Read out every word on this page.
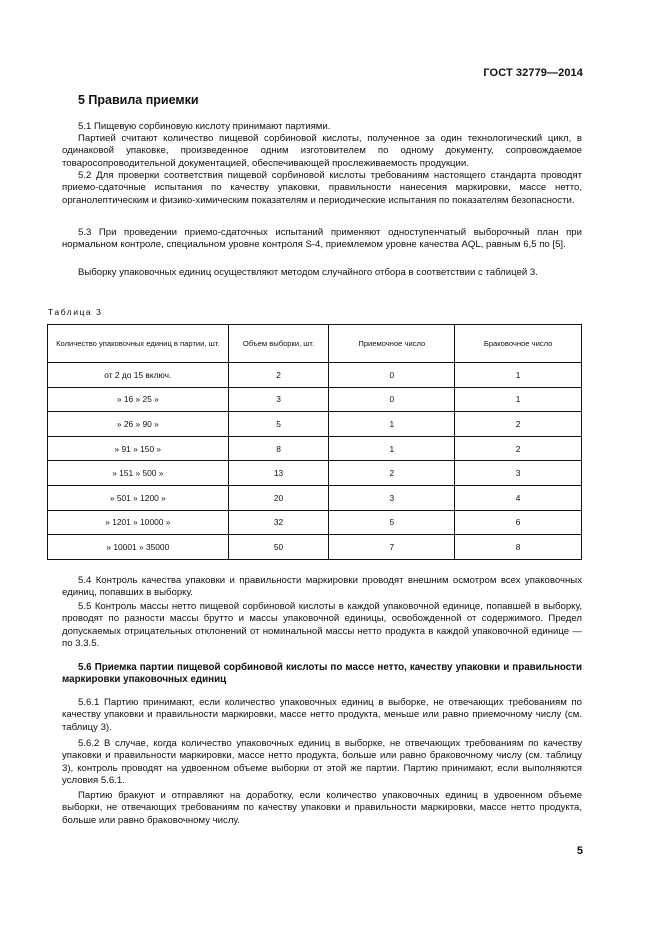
ГОСТ 32779—2014
5 Правила приемки

5.1 Пищевую сорбиновую кислоту принимают партиями.

Партией считают количество пищевой сорбиновой кислоты, полученное за один технологический цикл, в одинаковой упаковке, произведенное одним изготовителем по одному документу, сопровождаемое товаросопроводительной документацией, обеспечивающей прослеживаемость продукции.

5.2 Для проверки соответствия пищевой сорбиновой кислоты требованиям настоящего стандарта проводят приемо-сдаточные испытания по качеству упаковки, правильности нанесения маркировки, массе нетто, органолептическим и физико-химическим показателям и периодические испытания по показателям безопасности.

5.3 При проведении приемо-сдаточных испытаний применяют одноступенчатый выборочный план при нормальном контроле, специальном уровне контроля S-4, приемлемом уровне качества AQL, равным 6,5 по [5].

Выборку упаковочных единиц осуществляют методом случайного отбора в соответствии с таблицей 3.

Таблица 3
Количество упаковочных единиц в партии, шт.	Объем выборки, шт.	Приемочное число	Браковочное число
от 2 до 15 включ.	2	0	1
» 16 » 25 »	3	0	1
» 26 » 90 »	5	1	2
» 91 » 150 »	8	1	2
» 151 » 500 »	13	2	3
» 501 » 1200 »	20	3	4
» 1201 » 10000 »	32	5	6
» 10001 » 35000	50	7	8

5.4 Контроль качества упаковки и правильности маркировки проводят внешним осмотром всех упаковочных единиц, попавших в выборку.

5.5 Контроль массы нетто пищевой сорбиновой кислоты в каждой упаковочной единице, попавшей в выборку, проводят по разности массы брутто и массы упаковочной единицы, освобожденной от содержимого. Предел допускаемых отрицательных отклонений от номинальной массы нетто продукта в каждой упаковочной единице — по 3.3.5.

5.6 Приемка партии пищевой сорбиновой кислоты по массе нетто, качеству упаковки и правильности маркировки упаковочных единиц

5.6.1 Партию принимают, если количество упаковочных единиц в выборке, не отвечающих требованиям по качеству упаковки и правильности маркировки, массе нетто продукта, меньше или равно приемочному числу (см. таблицу 3).

5.6.2 В случае, когда количество упаковочных единиц в выборке, не отвечающих требованиям по качеству упаковки и правильности маркировки, массе нетто продукта, больше или равно браковочному числу (см. таблицу 3), контроль проводят на удвоенном объеме выборки от этой же партии. Партию принимают, если выполняются условия 5.6.1.

Партию бракуют и отправляют на доработку, если количество упаковочных единиц в удвоенном объеме выборки, не отвечающих требованиям по качеству упаковки и правильности маркировки, массе нетто продукта, больше или равно браковочному числу.

5
